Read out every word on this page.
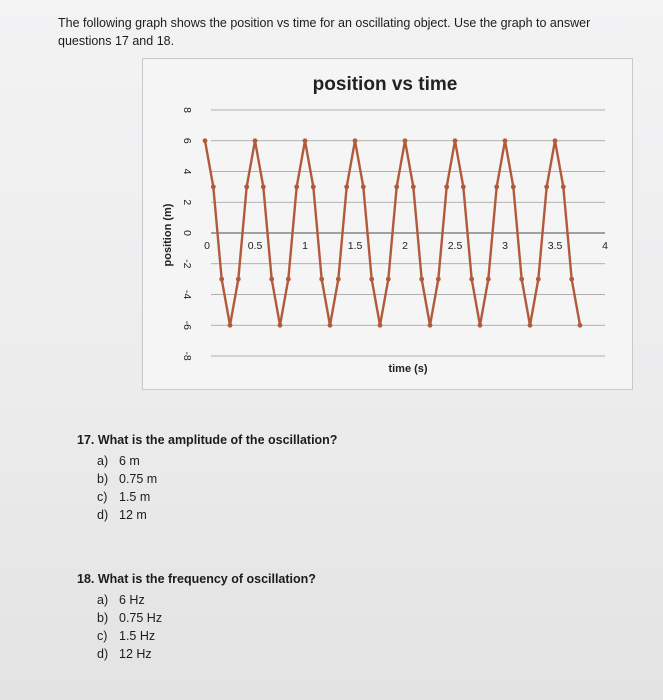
The following graph shows the position vs time for an oscillating object. Use the graph to answer questions 17 and 18.
position vs time
time (s)
position (m)
8
6
4
2
0
-2
-4
-6
-8
0	0.5	1	1.5	2	2.5	3	3.5	4
17. What is the amplitude of the oscillation?
a) 6 m
b) 0.75 m
c) 1.5 m
d) 12 m
18. What is the frequency of oscillation?
a) 6 Hz
b) 0.75 Hz
c) 1.5 Hz
d) 12 Hz
